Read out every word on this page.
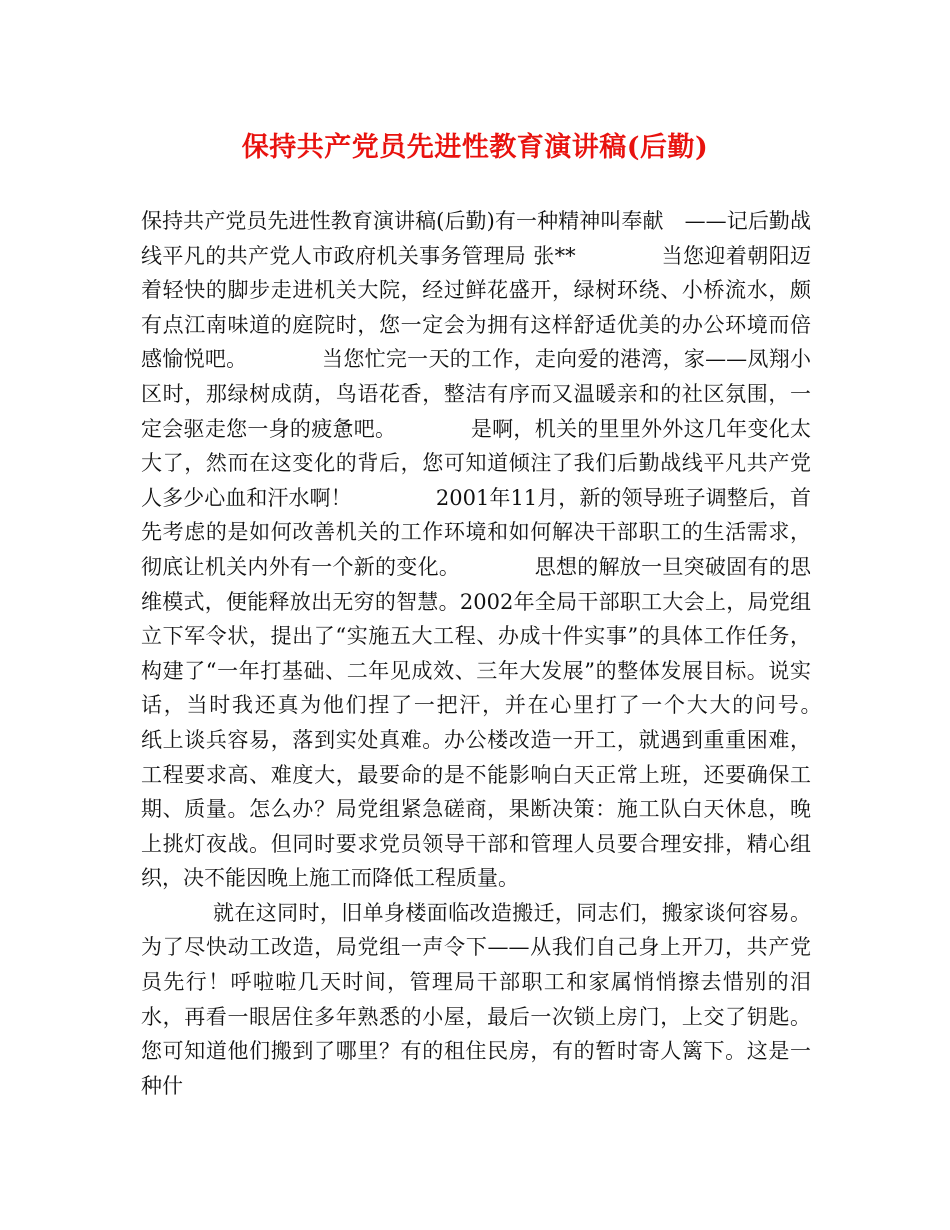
保持共产党员先进性教育演讲稿(后勤)

保持共产党员先进性教育演讲稿(后勤)有一种精神叫奉献　——记后勤战线平凡的共产党人市政府机关事务管理局 张**　　　　当您迎着朝阳迈着轻快的脚步走进机关大院，经过鲜花盛开，绿树环绕、小桥流水，颇有点江南味道的庭院时，您一定会为拥有这样舒适优美的办公环境而倍感愉悦吧。　　　　当您忙完一天的工作，走向爱的港湾，家——凤翔小区时，那绿树成荫，鸟语花香，整洁有序而又温暖亲和的社区氛围，一定会驱走您一身的疲惫吧。　　　　是啊，机关的里里外外这几年变化太大了，然而在这变化的背后，您可知道倾注了我们后勤战线平凡共产党人多少心血和汗水啊！　　　　2001年11月，新的领导班子调整后，首先考虑的是如何改善机关的工作环境和如何解决干部职工的生活需求，彻底让机关内外有一个新的变化。　　　　思想的解放一旦突破固有的思维模式，便能释放出无穷的智慧。2002年全局干部职工大会上，局党组立下军令状，提出了“实施五大工程、办成十件实事”的具体工作任务，构建了“一年打基础、二年见成效、三年大发展”的整体发展目标。说实话，当时我还真为他们捏了一把汗，并在心里打了一个大大的问号。　　　　纸上谈兵容易，落到实处真难。办公楼改造一开工，就遇到重重困难，工程要求高、难度大，最要命的是不能影响白天正常上班，还要确保工期、质量。怎么办？局党组紧急磋商，果断决策：施工队白天休息，晚上挑灯夜战。但同时要求党员领导干部和管理人员要合理安排，精心组织，决不能因晚上施工而降低工程质量。

就在这同时，旧单身楼面临改造搬迁，同志们，搬家谈何容易。为了尽快动工改造，局党组一声令下——从我们自己身上开刀，共产党员先行！呼啦啦几天时间，管理局干部职工和家属悄悄擦去惜别的泪水，再看一眼居住多年熟悉的小屋，最后一次锁上房门，上交了钥匙。您可知道他们搬到了哪里？有的租住民房，有的暂时寄人篱下。这是一种什
